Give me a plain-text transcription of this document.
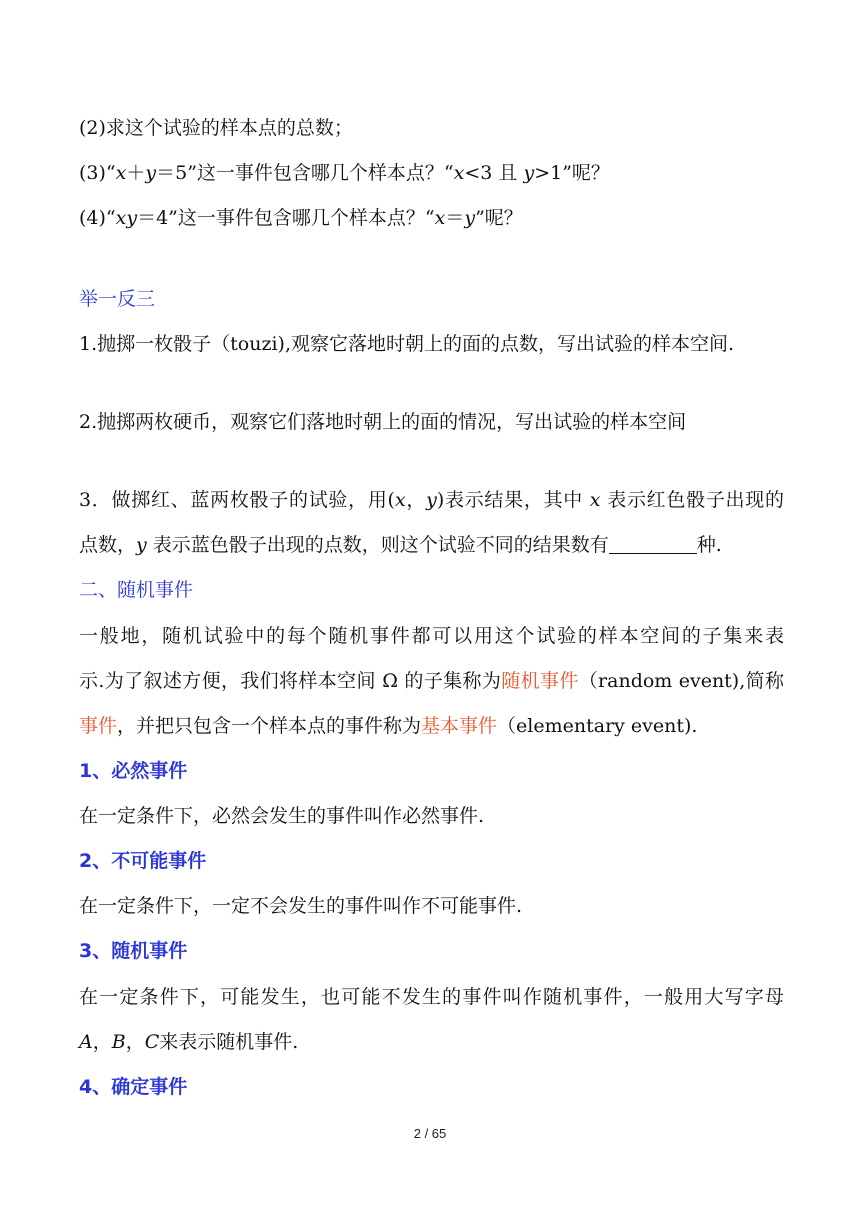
(2)求这个试验的样本点的总数；
(3)“x＋y＝5”这一事件包含哪几个样本点？“x<3 且 y>1”呢？
(4)“xy＝4”这一事件包含哪几个样本点？“x＝y”呢？
举一反三
1.抛掷一枚骰子（touzi),观察它落地时朝上的面的点数，写出试验的样本空间.
2.抛掷两枚硬币，观察它们落地时朝上的面的情况，写出试验的样本空间
3．做掷红、蓝两枚骰子的试验，用(x，y)表示结果，其中 x 表示红色骰子出现的
点数，y 表示蓝色骰子出现的点数，则这个试验不同的结果数有	种.
二、随机事件
一般地，随机试验中的每个随机事件都可以用这个试验的样本空间的子集来表
示.为了叙述方便，我们将样本空间 Ω 的子集称为随机事件（random event),简称
事件，并把只包含一个样本点的事件称为基本事件（elementary event).
1、必然事件
在一定条件下，必然会发生的事件叫作必然事件.
2、不可能事件
在一定条件下，一定不会发生的事件叫作不可能事件.
3、随机事件
在一定条件下，可能发生，也可能不发生的事件叫作随机事件，一般用大写字母
A，B，C来表示随机事件.
4、确定事件
2 / 65
